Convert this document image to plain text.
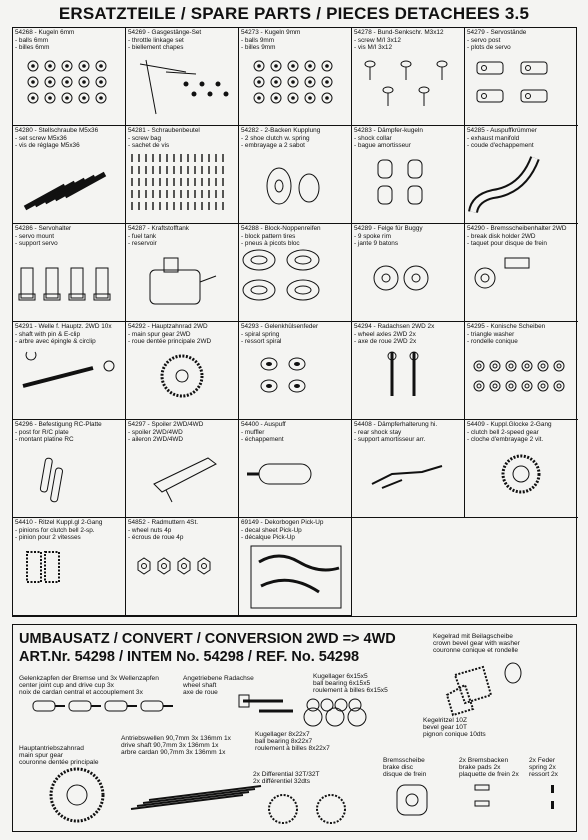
ERSATZTEILE / SPARE PARTS / PIECES DETACHEES 3.5
54268 - Kugeln 6mm
- balls 6mm
- billes 6mm
54269 - Gasgestänge-Set
- throttle linkage set
- biellement chapes
54273 - Kugeln 9mm
- balls 9mm
- billes 9mm
54278 - Bund-Senkschr. M3x12
- screw M/I 3x12
- vis M/I 3x12
54279 - Servostände
- servo post
- plots de servo
54280 - Stellschraube M5x36
- set screw M5x36
- vis de réglage M5x36
54281 - Schraubenbeutel
- screw bag
- sachet de vis
54282 - 2-Backen Kupplung
- 2 shoe clutch w. spring
- embrayage a 2 sabot
54283 - Dämpfer-kugeln
- shock collar
- bague amortisseur
54285 - Auspuffkrümmer
- exhaust manifold
- coude d'echappement
54286 - Servohalter
- servo mount
- support servo
54287 - Kraftstofftank
- fuel tank
- reservoir
54288 - Block-Noppenreifen
- block pattern tires
- pneus à picots bloc
54289 - Felge für Buggy
- 9 spoke rim
- jante 9 batons
54290 - Bremsscheibenhalter 2WD
- break disk holder 2WD
- taquet pour disque de frein
54291 - Welle f. Hauptz. 2WD 10x
- shaft with pin & E-clip
- arbre avec épingle & circlip
54292 - Hauptzahnrad 2WD
- main spur gear 2WD
- roue dentée principale 2WD
54293 - Gelenkhülsenfeder
- spiral spring
- ressort spiral
54294 - Radachsen 2WD 2x
- wheel axles 2WD 2x
- axe de roue 2WD 2x
54295 - Konische Scheiben
- triangle washer
- rondelle conique
54296 - Befestigung RC-Platte
- post for R/C plate
- montant platine RC
54297 - Spoiler 2WD/4WD
- spoiler 2WD/4WD
- aileron 2WD/4WD
54400 - Auspuff
- muffler
- échappement
54408 - Dämpferhalterung hi.
- rear shock stay
- support amortisseur arr.
54409 - Kuppl.Glocke 2-Gang
- clutch bell 2-speed gear
- cloche d'embrayage 2 vit.
54410 - Ritzel Kuppl.gl 2-Gang
- pinions for clutch bell 2-sp.
- pinion pour 2 vitesses
54852 - Radmuttern 4St.
- wheel nuts 4p
- écrous de roue 4p
69149 - Dekorbogen Pick-Up
- decal sheet Pick-Up
- décalque Pick-Up
UMBAUSATZ / CONVERT / CONVERSION 2WD => 4WD
ART.Nr. 54298 / INTEM No. 54298 / REF. No. 54298
Gelenkzapfen der Bremse und 3x Wellenzapfen
center joint cup and drive cup 3x
noix de cardan central et accouplement 3x
Angetriebene Radachse
wheel shaft
axe de roue
Kugellager 6x15x5
ball bearing 6x15x5
roulement à billes 6x15x5
Kegelrad mit Beilagscheibe
crown bevel gear with washer
couronne conique et rondelle
Antriebswellen 90,7mm 3x 136mm 1x
drive shaft 90,7mm 3x 136mm 1x
arbre cardan 90,7mm 3x 136mm 1x
Kugellager 8x22x7
ball bearing 8x22x7
roulement à billes 8x22x7
Kegelritzel 10Z
bevel gear 10T
pignon conique 10dts
Hauptantriebszahnrad
main spur gear
couronne dentée principale
2x Differential 32T/32T
2x différentiel 32dts
Bremsscheibe
brake disc
disque de frein
2x Bremsbacken
brake pads 2x
plaquette de frein 2x
2x Feder
spring 2x
ressort 2x
